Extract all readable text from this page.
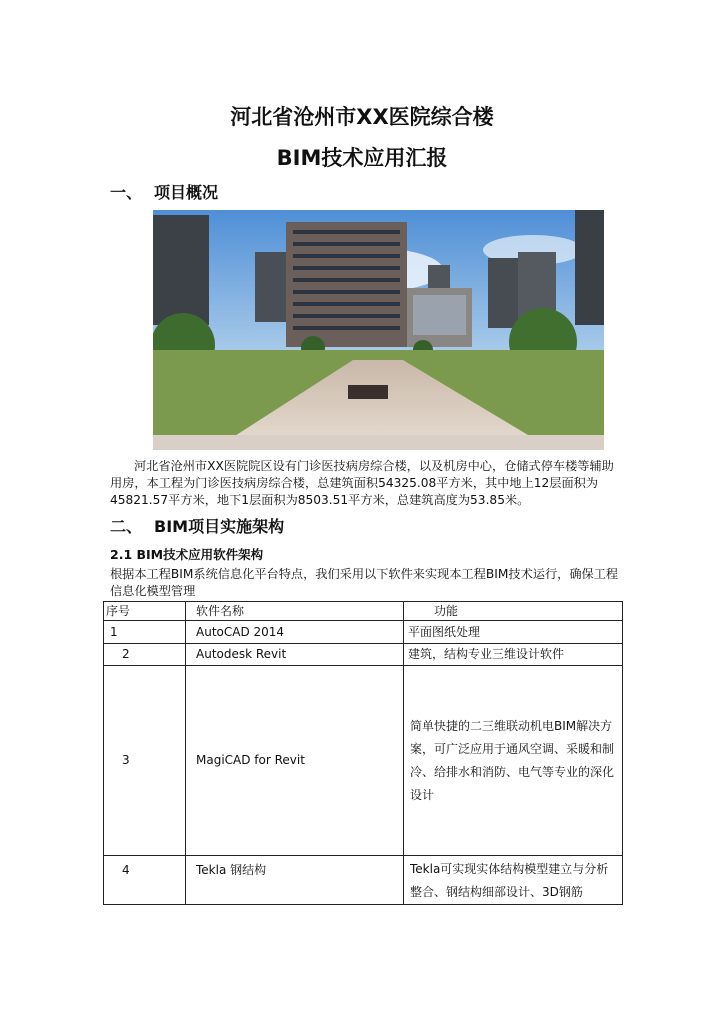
河北省沧州市XX医院综合楼
BIM技术应用汇报
一、 项目概况
河北省沧州市XX医院院区设有门诊医技病房综合楼，以及机房中心，仓储式停车楼等辅助用房，本工程为门诊医技病房综合楼，总建筑面积54325.08平方米，其中地上12层面积为45821.57平方米，地下1层面积为8503.51平方米，总建筑高度为53.85米。
二、 BIM项目实施架构
2.1 BIM技术应用软件架构
根据本工程BIM系统信息化平台特点，我们采用以下软件来实现本工程BIM技术运行，确保工程信息化模型管理
序号	软件名称	功能
1	AutoCAD 2014	平面图纸处理
2	Autodesk Revit	建筑，结构专业三维设计软件
3	MagiCAD for Revit	简单快捷的二三维联动机电BIM解决方案，可广泛应用于通风空调、采暖和制冷、给排水和消防、电气等专业的深化设计
4	Tekla 钢结构	Tekla可实现实体结构模型建立与分析整合、钢结构细部设计、3D钢筋
